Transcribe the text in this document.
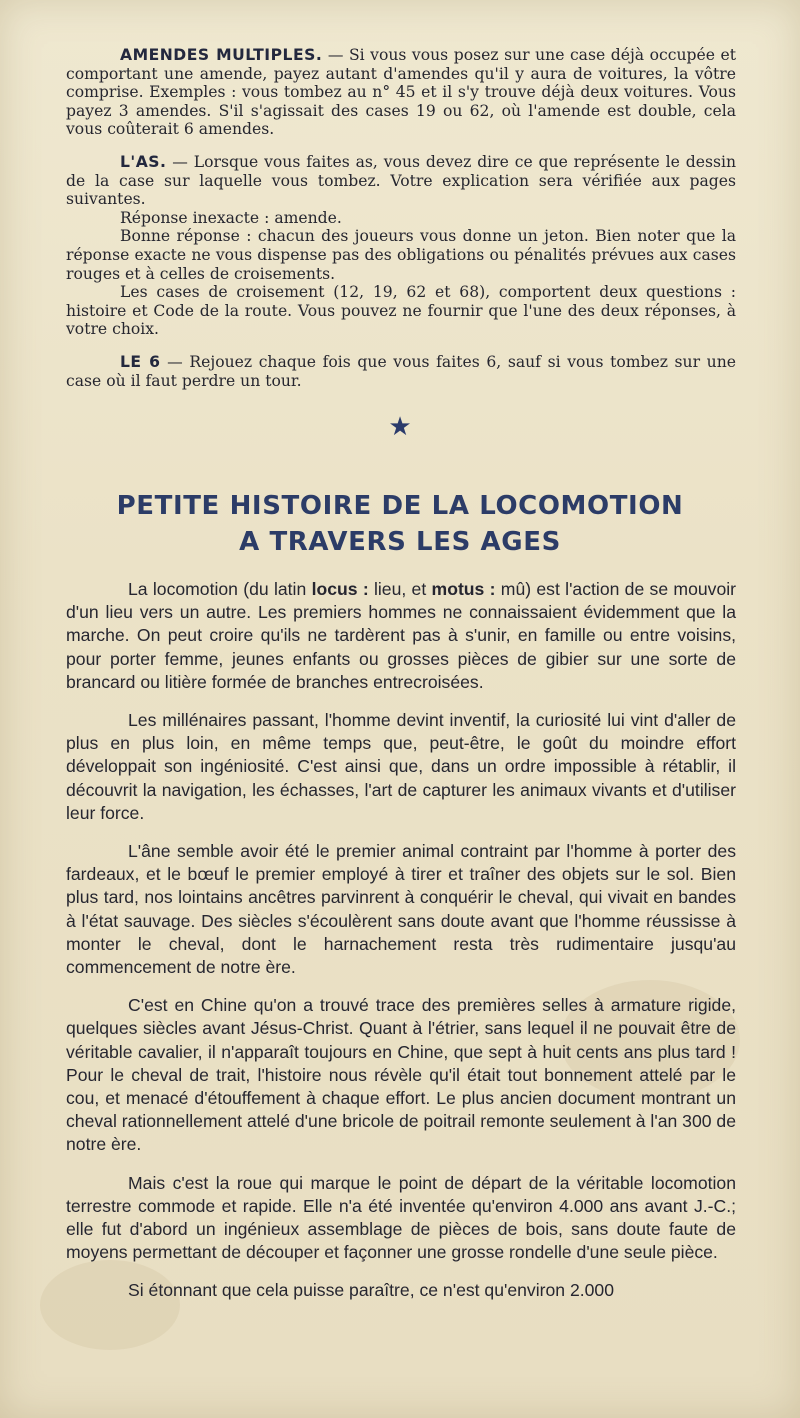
AMENDES MULTIPLES. — Si vous vous posez sur une case déjà occupée et comportant une amende, payez autant d'amendes qu'il y aura de voitures, la vôtre comprise. Exemples : vous tombez au n° 45 et il s'y trouve déjà deux voitures. Vous payez 3 amendes. S'il s'agissait des cases 19 ou 62, où l'amende est double, cela vous coûterait 6 amendes.

L'AS. — Lorsque vous faites as, vous devez dire ce que représente le dessin de la case sur laquelle vous tombez. Votre explication sera vérifiée aux pages suivantes.

Réponse inexacte : amende.

Bonne réponse : chacun des joueurs vous donne un jeton. Bien noter que la réponse exacte ne vous dispense pas des obligations ou pénalités prévues aux cases rouges et à celles de croisements.

Les cases de croisement (12, 19, 62 et 68), comportent deux questions : histoire et Code de la route. Vous pouvez ne fournir que l'une des deux réponses, à votre choix.

LE 6 — Rejouez chaque fois que vous faites 6, sauf si vous tombez sur une case où il faut perdre un tour.

★
PETITE HISTOIRE DE LA LOCOMOTION
A TRAVERS LES AGES

La locomotion (du latin locus : lieu, et motus : mû) est l'action de se mouvoir d'un lieu vers un autre. Les premiers hommes ne connaissaient évidemment que la marche. On peut croire qu'ils ne tardèrent pas à s'unir, en famille ou entre voisins, pour porter femme, jeunes enfants ou grosses pièces de gibier sur une sorte de brancard ou litière formée de branches entrecroisées.

Les millénaires passant, l'homme devint inventif, la curiosité lui vint d'aller de plus en plus loin, en même temps que, peut-être, le goût du moindre effort développait son ingéniosité. C'est ainsi que, dans un ordre impossible à rétablir, il découvrit la navigation, les échasses, l'art de capturer les animaux vivants et d'utiliser leur force.

L'âne semble avoir été le premier animal contraint par l'homme à porter des fardeaux, et le bœuf le premier employé à tirer et traîner des objets sur le sol. Bien plus tard, nos lointains ancêtres parvinrent à conquérir le cheval, qui vivait en bandes à l'état sauvage. Des siècles s'écoulèrent sans doute avant que l'homme réussisse à monter le cheval, dont le harnachement resta très rudimentaire jusqu'au commencement de notre ère.

C'est en Chine qu'on a trouvé trace des premières selles à armature rigide, quelques siècles avant Jésus-Christ. Quant à l'étrier, sans lequel il ne pouvait être de véritable cavalier, il n'apparaît toujours en Chine, que sept à huit cents ans plus tard ! Pour le cheval de trait, l'histoire nous révèle qu'il était tout bonnement attelé par le cou, et menacé d'étouffement à chaque effort. Le plus ancien document montrant un cheval rationnellement attelé d'une bricole de poitrail remonte seulement à l'an 300 de notre ère.

Mais c'est la roue qui marque le point de départ de la véritable locomotion terrestre commode et rapide. Elle n'a été inventée qu'environ 4.000 ans avant J.-C.; elle fut d'abord un ingénieux assemblage de pièces de bois, sans doute faute de moyens permettant de découper et façonner une grosse rondelle d'une seule pièce.

Si étonnant que cela puisse paraître, ce n'est qu'environ 2.000
